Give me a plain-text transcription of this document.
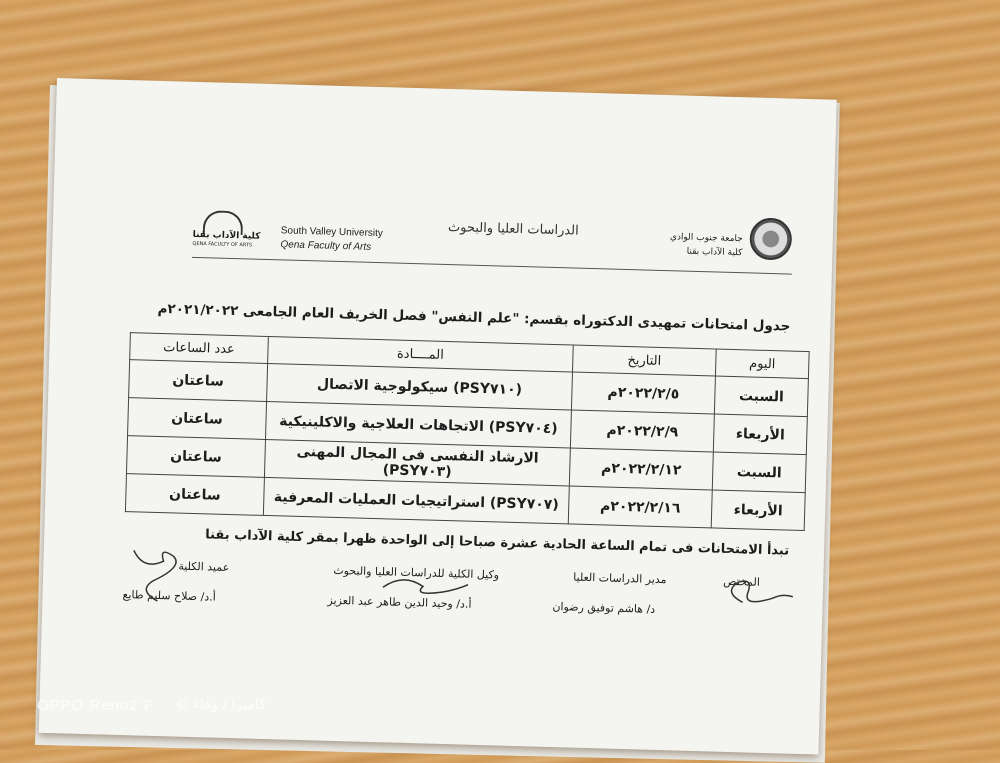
كلية الآداب بقنا
QENA FACULTY OF ARTS
South Valley University
Qena Faculty of Arts
الدراسات العليا والبحوث	جامعة جنوب الوادي
كلية الآداب بقنا
جدول امتحانات تمهيدى الدكتوراه بقسم: "علم النفس" فصل الخريف العام الجامعى ٢٠٢١/٢٠٢٢م
اليوم	التاريخ	المــــادة	عدد الساعات
السبت	٢٠٢٢/٢/٥م	(PSY٧١٠) سيكولوجية الاتصال	ساعتان
الأربعاء	٢٠٢٢/٢/٩م	(PSY٧٠٤) الاتجاهات العلاجية والاكلينيكية	ساعتان
السبت	٢٠٢٢/٢/١٢م	الارشاد النفسى فى المجال المهنى (PSY٧٠٣)	ساعتان
الأربعاء	٢٠٢٢/٢/١٦م	(PSY٧٠٧) استراتيجيات العمليات المعرفية	ساعتان
تبدأ الامتحانات فى تمام الساعة الحادية عشرة صباحا إلى الواحدة ظهرا بمقر كلية الآداب بقنا
المختص
مدير الدراسات العليا
د/ هاشم توفيق رضوان
وكيل الكلية للدراسات العليا والبحوث
أ.د/ وحيد الدين طاهر عبد العزيز
عميد الكلية
أ.د/ صلاح سليم طايع
OPPO Reno2 F كاميرا / وفاء ©
